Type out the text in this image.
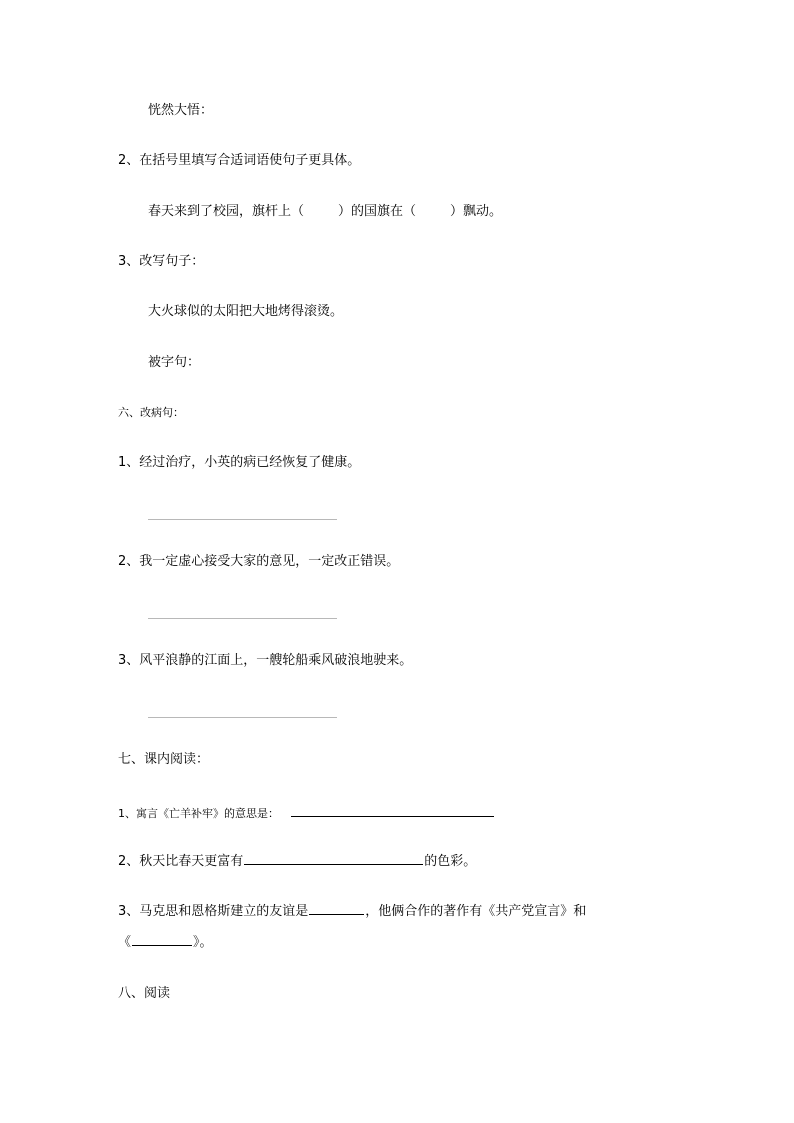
恍然大悟：
2、在括号里填写合适词语使句子更具体。
春天来到了校园，旗杆上（	）的国旗在（	）飘动。
3、改写句子：
大火球似的太阳把大地烤得滚烫。
被字句：
六、改病句：
1、经过治疗，小英的病已经恢复了健康。
2、我一定虚心接受大家的意见，一定改正错误。
3、风平浪静的江面上，一艘轮船乘风破浪地驶来。
七、课内阅读：
1、寓言《亡羊补牢》的意思是：
2、秋天比春天更富有	的色彩。
3、马克思和恩格斯建立的友谊是	，他俩合作的著作有《共产党宣言》和
《	》。
八、阅读
